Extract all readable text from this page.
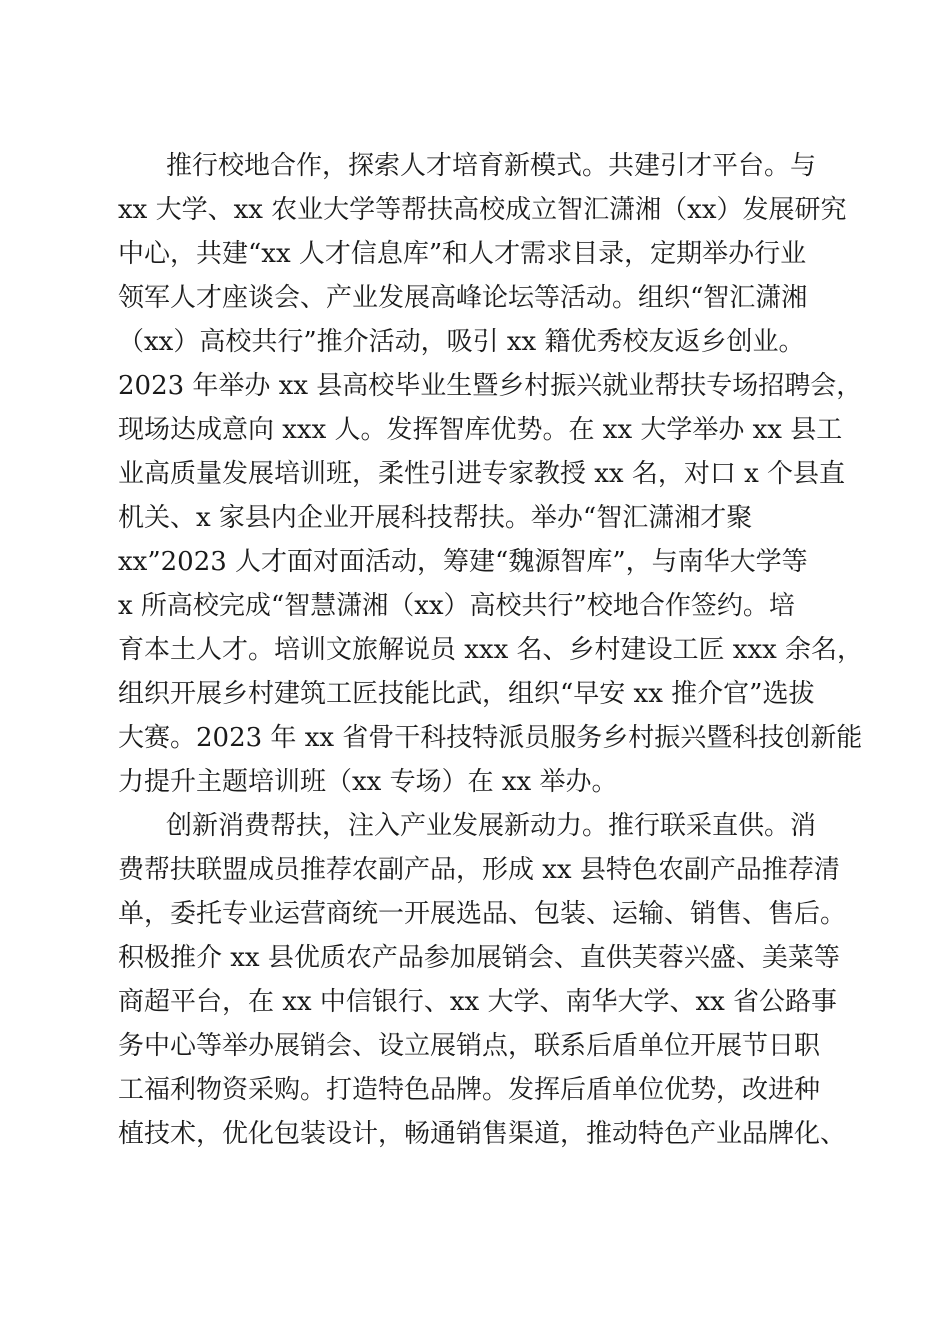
推行校地合作，探索人才培育新模式。共建引才平台。与
xx 大学、xx 农业大学等帮扶高校成立智汇潇湘（xx）发展研究
中心，共建“xx 人才信息库”和人才需求目录，定期举办行业
领军人才座谈会、产业发展高峰论坛等活动。组织“智汇潇湘
（xx）高校共行”推介活动，吸引 xx 籍优秀校友返乡创业。
2023 年举办 xx 县高校毕业生暨乡村振兴就业帮扶专场招聘会，
现场达成意向 xxx 人。发挥智库优势。在 xx 大学举办 xx 县工
业高质量发展培训班，柔性引进专家教授 xx 名，对口 x 个县直
机关、x 家县内企业开展科技帮扶。举办“智汇潇湘才聚
xx”2023 人才面对面活动，筹建“魏源智库”，与南华大学等
x 所高校完成“智慧潇湘（xx）高校共行”校地合作签约。培
育本土人才。培训文旅解说员 xxx 名、乡村建设工匠 xxx 余名，
组织开展乡村建筑工匠技能比武，组织“早安 xx 推介官”选拔
大赛。2023 年 xx 省骨干科技特派员服务乡村振兴暨科技创新能
力提升主题培训班（xx 专场）在 xx 举办。
创新消费帮扶，注入产业发展新动力。推行联采直供。消
费帮扶联盟成员推荐农副产品，形成 xx 县特色农副产品推荐清
单，委托专业运营商统一开展选品、包装、运输、销售、售后。
积极推介 xx 县优质农产品参加展销会、直供芙蓉兴盛、美菜等
商超平台，在 xx 中信银行、xx 大学、南华大学、xx 省公路事
务中心等举办展销会、设立展销点，联系后盾单位开展节日职
工福利物资采购。打造特色品牌。发挥后盾单位优势，改进种
植技术，优化包装设计，畅通销售渠道，推动特色产业品牌化、
